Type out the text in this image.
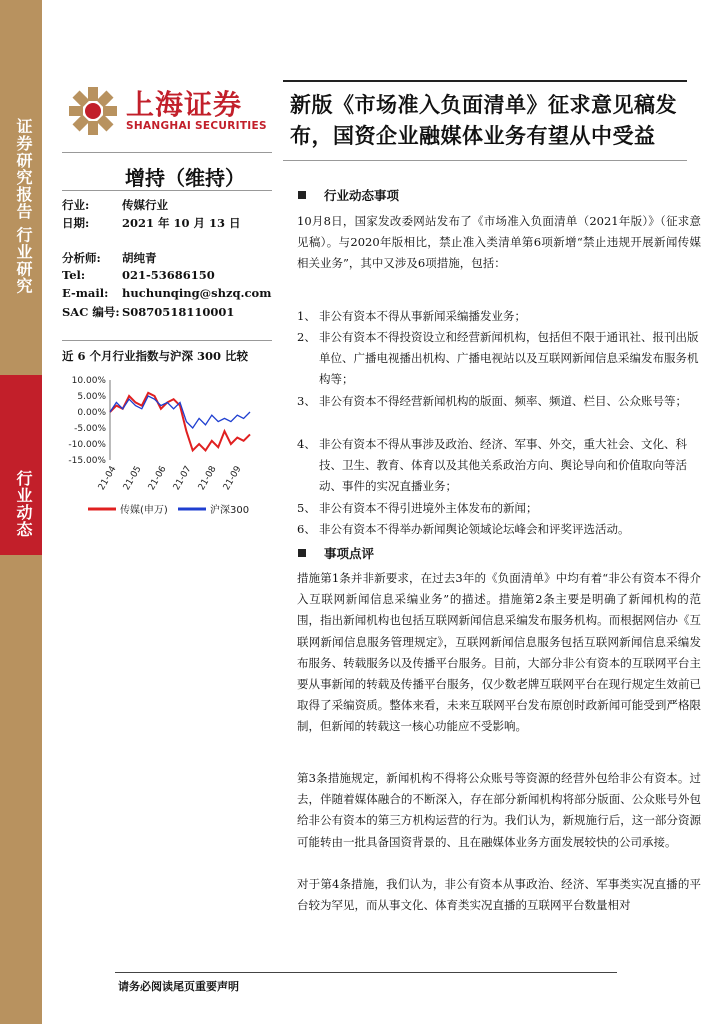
证券研究报告 行业研究
行业动态
上海证券
SHANGHAI SECURITIES
增持（维持）
行业:	传媒行业
日期:	2021 年 10 月 13 日
分析师: 胡纯青
Tel:	021-53686150
E-mail: huchunqing@shzq.com
SAC 编号: S0870518110001
近 6 个月行业指数与沪深 300 比较
10.00%
5.00%
0.00%
-5.00%
-10.00%
-15.00%
21-04 21-05 21-06 21-07 21-08 21-09
传媒(申万)	沪深300
新版《市场准入负面清单》征求意见稿发布，国资企业融媒体业务有望从中受益
行业动态事项

10月8日，国家发改委网站发布了《市场准入负面清单（2021年版）》（征求意见稿）。与2020年版相比，禁止准入类清单第6项新增“禁止违规开展新闻传媒相关业务”，其中又涉及6项措施，包括：

1、 非公有资本不得从事新闻采编播发业务；
2、 非公有资本不得投资设立和经营新闻机构，包括但不限于通讯社、报刊出版单位、广播电视播出机构、广播电视站以及互联网新闻信息采编发布服务机构等；
3、 非公有资本不得经营新闻机构的版面、频率、频道、栏目、公众账号等；
4、 非公有资本不得从事涉及政治、经济、军事、外交，重大社会、文化、科技、卫生、教育、体育以及其他关系政治方向、舆论导向和价值取向等活动、事件的实况直播业务；
5、 非公有资本不得引进境外主体发布的新闻；
6、 非公有资本不得举办新闻舆论领域论坛峰会和评奖评选活动。
事项点评

措施第1条并非新要求，在过去3年的《负面清单》中均有着“非公有资本不得介入互联网新闻信息采编业务”的描述。措施第2条主要是明确了新闻机构的范围，指出新闻机构也包括互联网新闻信息采编发布服务机构。而根据网信办《互联网新闻信息服务管理规定》，互联网新闻信息服务包括互联网新闻信息采编发布服务、转载服务以及传播平台服务。目前，大部分非公有资本的互联网平台主要从事新闻的转载及传播平台服务，仅少数老牌互联网平台在现行规定生效前已取得了采编资质。整体来看，未来互联网平台发布原创时政新闻可能受到严格限制，但新闻的转载这一核心功能应不受影响。

第3条措施规定，新闻机构不得将公众账号等资源的经营外包给非公有资本。过去，伴随着媒体融合的不断深入，存在部分新闻机构将部分版面、公众账号外包给非公有资本的第三方机构运营的行为。我们认为，新规施行后，这一部分资源可能转由一批具备国资背景的、且在融媒体业务方面发展较快的公司承接。

对于第4条措施，我们认为，非公有资本从事政治、经济、军事类实况直播的平台较为罕见，而从事文化、体育类实况直播的互联网平台数量相对

请务必阅读尾页重要声明
